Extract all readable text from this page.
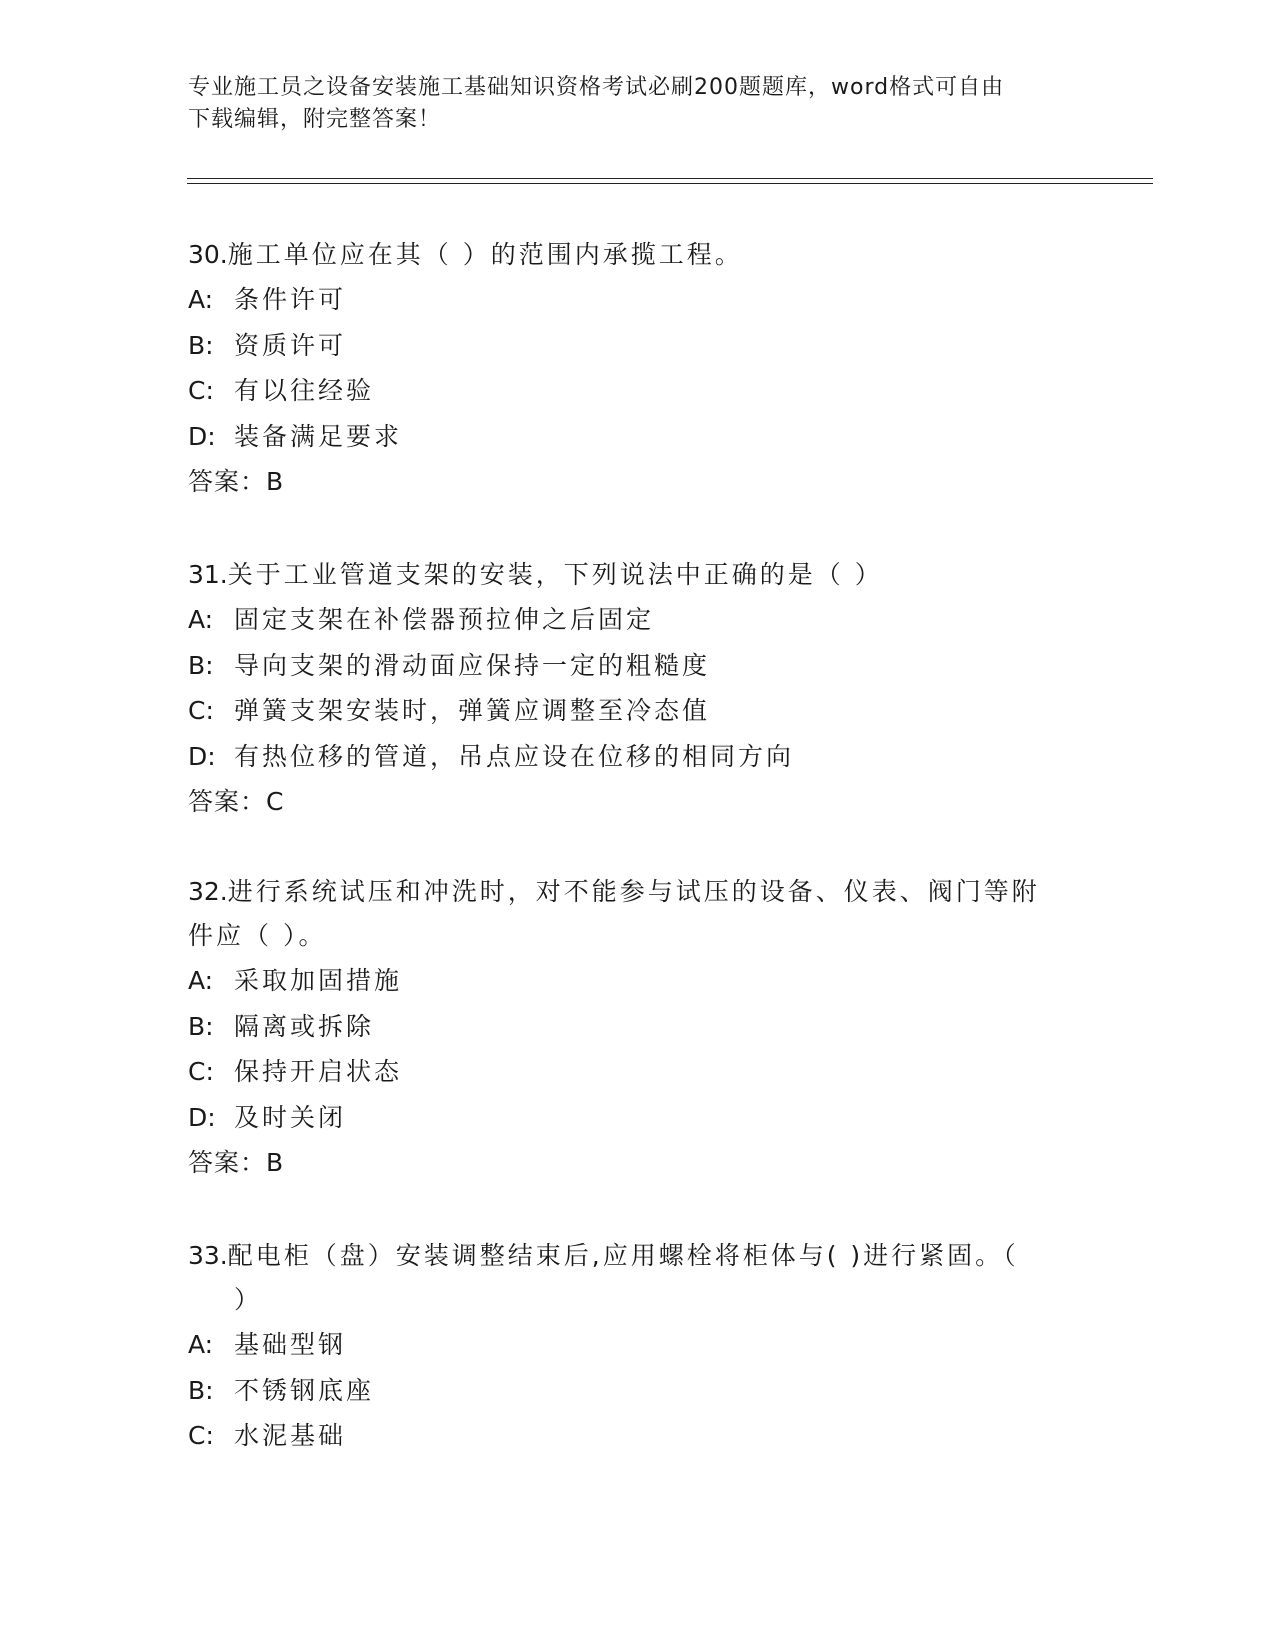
专业施工员之设备安装施工基础知识资格考试必刷200题题库，word格式可自由
下载编辑，附完整答案！

30.施工单位应在其（ ）的范围内承揽工程。

A: 条件许可

B: 资质许可

C: 有以往经验

D: 装备满足要求

答案：B

31.关于工业管道支架的安装，下列说法中正确的是（ ）

A: 固定支架在补偿器预拉伸之后固定

B: 导向支架的滑动面应保持一定的粗糙度

C: 弹簧支架安装时，弹簧应调整至冷态值

D: 有热位移的管道，吊点应设在位移的相同方向

答案：C

32.进行系统试压和冲洗时，对不能参与试压的设备、仪表、阀门等附件应（ ）。

A: 采取加固措施

B: 隔离或拆除

C: 保持开启状态

D: 及时关闭

答案：B

33.配电柜（盘）安装调整结束后,应用螺栓将柜体与( )进行紧固。（
）

A: 基础型钢

B: 不锈钢底座

C: 水泥基础
